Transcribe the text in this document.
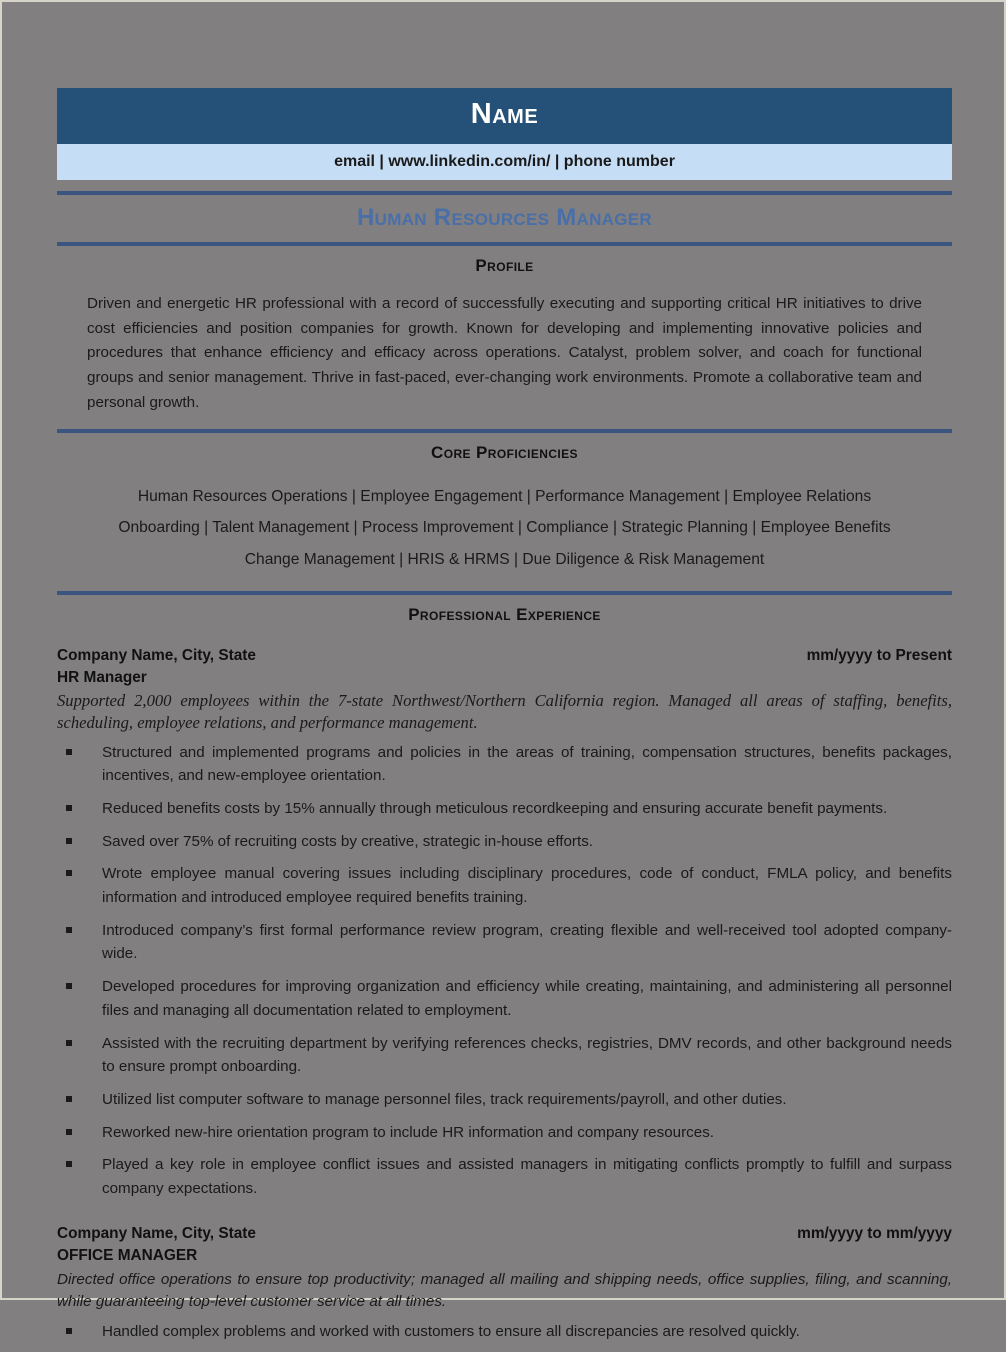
Name
email | www.linkedin.com/in/ | phone number
Human Resources Manager
Profile
Driven and energetic HR professional with a record of successfully executing and supporting critical HR initiatives to drive cost efficiencies and position companies for growth. Known for developing and implementing innovative policies and procedures that enhance efficiency and efficacy across operations. Catalyst, problem solver, and coach for functional groups and senior management. Thrive in fast-paced, ever-changing work environments. Promote a collaborative team and personal growth.
Core Proficiencies
Human Resources Operations | Employee Engagement | Performance Management | Employee Relations
Onboarding | Talent Management | Process Improvement | Compliance | Strategic Planning | Employee Benefits
Change Management | HRIS & HRMS | Due Diligence & Risk Management
Professional Experience
Company Name, City, State	mm/yyyy to Present
HR Manager
Supported 2,000 employees within the 7-state Northwest/Northern California region. Managed all areas of staffing, benefits, scheduling, employee relations, and performance management.
Structured and implemented programs and policies in the areas of training, compensation structures, benefits packages, incentives, and new-employee orientation.
Reduced benefits costs by 15% annually through meticulous recordkeeping and ensuring accurate benefit payments.
Saved over 75% of recruiting costs by creative, strategic in-house efforts.
Wrote employee manual covering issues including disciplinary procedures, code of conduct, FMLA policy, and benefits information and introduced employee required benefits training.
Introduced company’s first formal performance review program, creating flexible and well-received tool adopted company-wide.
Developed procedures for improving organization and efficiency while creating, maintaining, and administering all personnel files and managing all documentation related to employment.
Assisted with the recruiting department by verifying references checks, registries, DMV records, and other background needs to ensure prompt onboarding.
Utilized list computer software to manage personnel files, track requirements/payroll, and other duties.
Reworked new-hire orientation program to include HR information and company resources.
Played a key role in employee conflict issues and assisted managers in mitigating conflicts promptly to fulfill and surpass company expectations.
Company Name, City, State	mm/yyyy to mm/yyyy
OFFICE MANAGER
Directed office operations to ensure top productivity; managed all mailing and shipping needs, office supplies, filing, and scanning, while guaranteeing top-level customer service at all times.
Handled complex problems and worked with customers to ensure all discrepancies are resolved quickly.
